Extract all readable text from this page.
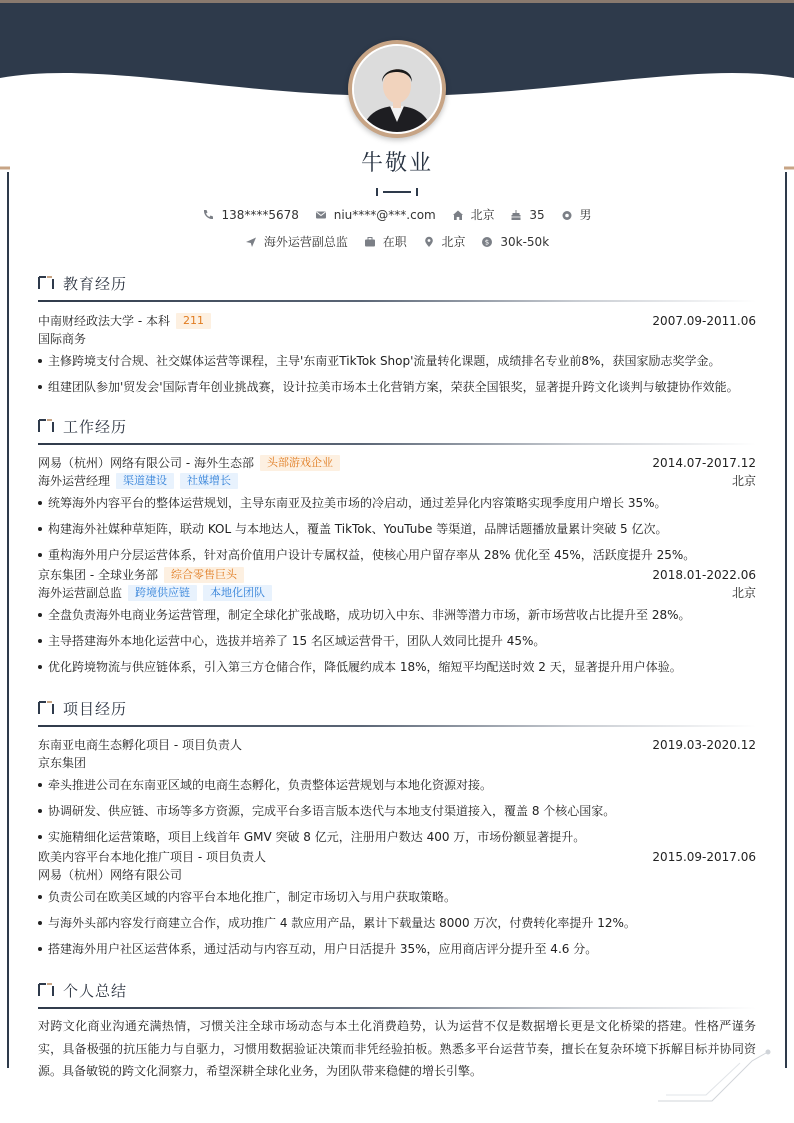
牛敬业
138****5678
	niu****@***.com
	北京
	35
	男
海外运营副总监
	在职
	北京
	$ 30k-50k
教育经历
中南财经政法大学 - 本科	211	2007.09-2011.06
国际商务
主修跨境支付合规、社交媒体运营等课程，主导'东南亚TikTok Shop'流量转化课题，成绩排名专业前8%，获国家励志奖学金。
组建团队参加'贸发会'国际青年创业挑战赛，设计拉美市场本土化营销方案，荣获全国银奖，显著提升跨文化谈判与敏捷协作效能。
工作经历
网易（杭州）网络有限公司 - 海外生态部	头部游戏企业	2014.07-2017.12
海外运营经理	渠道建设	社媒增长	北京
统筹海外内容平台的整体运营规划，主导东南亚及拉美市场的冷启动，通过差异化内容策略实现季度用户增长 35%。
构建海外社媒种草矩阵，联动 KOL 与本地达人，覆盖 TikTok、YouTube 等渠道，品牌话题播放量累计突破 5 亿次。
重构海外用户分层运营体系，针对高价值用户设计专属权益，使核心用户留存率从 28% 优化至 45%，活跃度提升 25%。
京东集团 - 全球业务部	综合零售巨头	2018.01-2022.06
海外运营副总监	跨境供应链	本地化团队	北京
全盘负责海外电商业务运营管理，制定全球化扩张战略，成功切入中东、非洲等潜力市场，新市场营收占比提升至 28%。
主导搭建海外本地化运营中心，选拔并培养了 15 名区域运营骨干，团队人效同比提升 45%。
优化跨境物流与供应链体系，引入第三方仓储合作，降低履约成本 18%，缩短平均配送时效 2 天，显著提升用户体验。
项目经历
东南亚电商生态孵化项目 - 项目负责人	2019.03-2020.12
京东集团
牵头推进公司在东南亚区域的电商生态孵化，负责整体运营规划与本地化资源对接。
协调研发、供应链、市场等多方资源，完成平台多语言版本迭代与本地支付渠道接入，覆盖 8 个核心国家。
实施精细化运营策略，项目上线首年 GMV 突破 8 亿元，注册用户数达 400 万，市场份额显著提升。
欧美内容平台本地化推广项目 - 项目负责人	2015.09-2017.06
网易（杭州）网络有限公司
负责公司在欧美区域的内容平台本地化推广，制定市场切入与用户获取策略。
与海外头部内容发行商建立合作，成功推广 4 款应用产品，累计下载量达 8000 万次，付费转化率提升 12%。
搭建海外用户社区运营体系，通过活动与内容互动，用户日活提升 35%，应用商店评分提升至 4.6 分。
个人总结

对跨文化商业沟通充满热情，习惯关注全球市场动态与本土化消费趋势，认为运营不仅是数据增长更是文化桥梁的搭建。性格严谨务实，具备极强的抗压能力与自驱力，习惯用数据验证决策而非凭经验拍板。熟悉多平台运营节奏，擅长在复杂环境下拆解目标并协同资源。具备敏锐的跨文化洞察力，希望深耕全球化业务，为团队带来稳健的增长引擎。
